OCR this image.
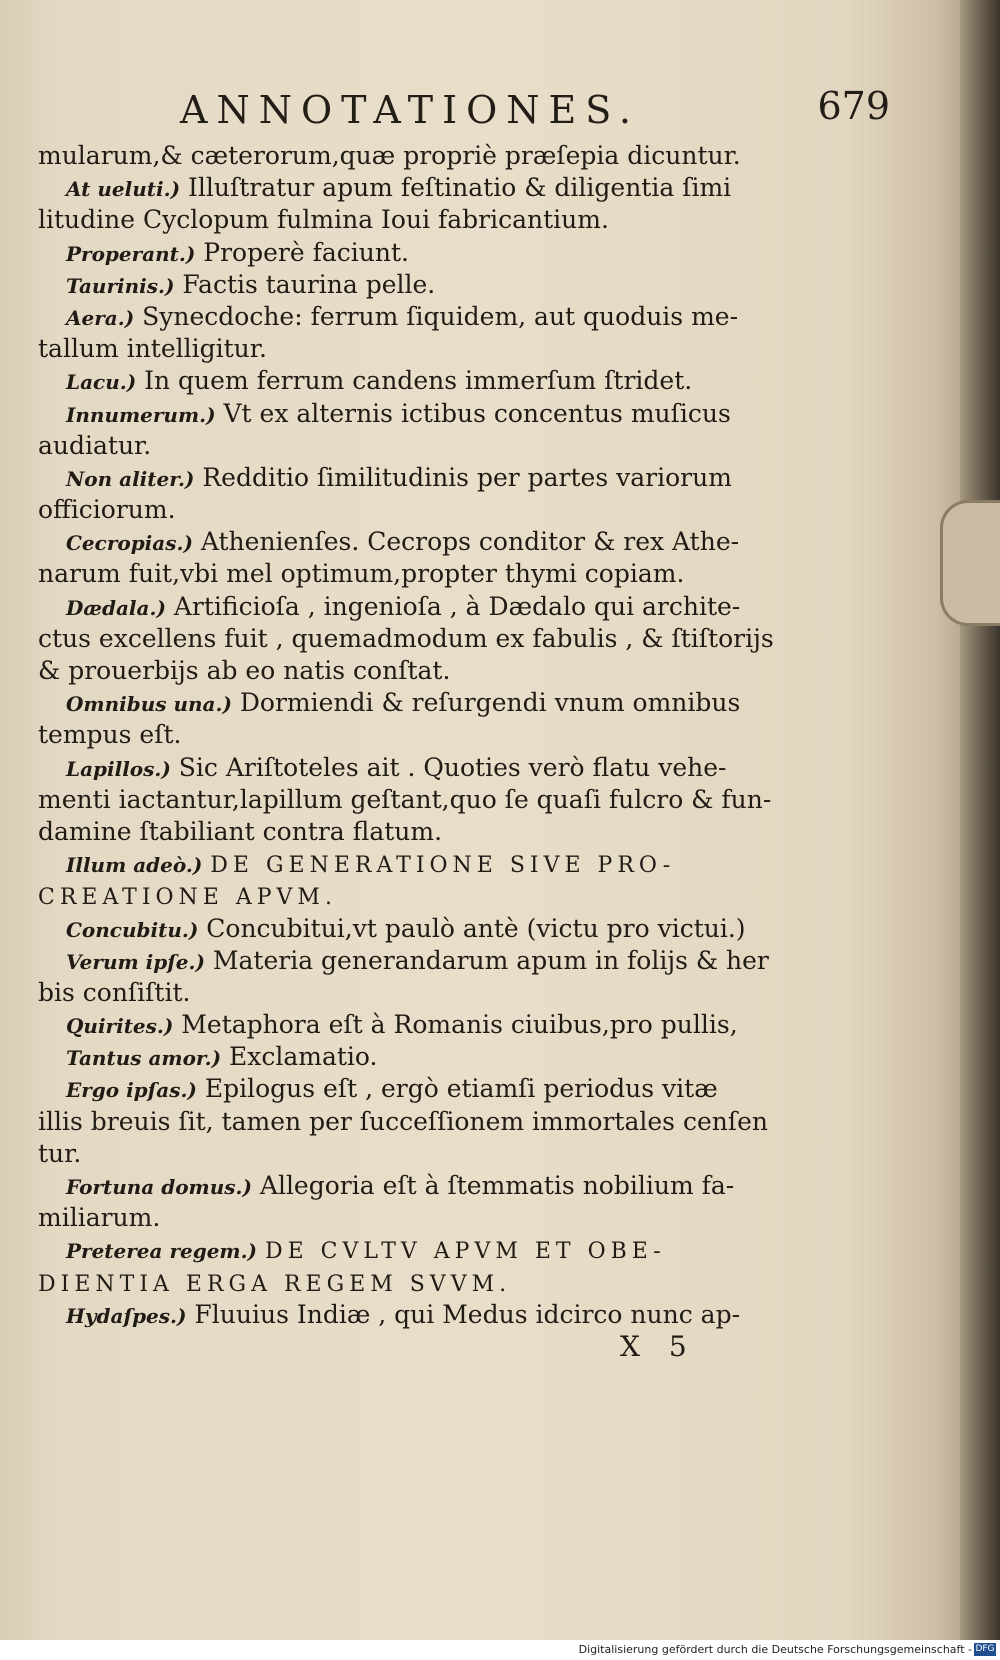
ANNOTATIONES.	679
mularum,& cæterorum,quæ propriè præſepia dicuntur.
At ueluti.) Illuſtratur apum feſtinatio & diligentia ſimi
litudine Cyclopum fulmina Ioui fabricantium.
Properant.) Properè faciunt.
Taurinis.) Factis taurina pelle.
Aera.) Synecdoche: ferrum ſiquidem, aut quoduis me-
tallum intelligitur.
Lacu.) In quem ferrum candens immerſum ſtridet.
Innumerum.) Vt ex alternis ictibus concentus muſicus
audiatur.
Non aliter.) Redditio ſimilitudinis per partes variorum
officiorum.
Cecropias.) Athenienſes. Cecrops conditor & rex Athe-
narum fuit,vbi mel optimum,propter thymi copiam.
Dædala.) Artificioſa , ingenioſa , à Dædalo qui archite-
ctus excellens fuit , quemadmodum ex fabulis , & ſtiſtorijs
& prouerbijs ab eo natis conſtat.
Omnibus una.) Dormiendi & reſurgendi vnum omnibus
tempus eſt.
Lapillos.) Sic Ariſtoteles ait . Quoties verò flatu vehe-
menti iactantur,lapillum geſtant,quo ſe quaſi fulcro & fun-
damine ſtabiliant contra flatum.
Illum adeò.) DE GENERATIONE SIVE PRO-
CREATIONE APVM.
Concubitu.) Concubitui,vt paulò antè (victu pro victui.)
Verum ipſe.) Materia generandarum apum in folijs & her
bis conſiſtit.
Quirites.) Metaphora eſt à Romanis ciuibus,pro pullis,
Tantus amor.) Exclamatio.
Ergo ipſas.) Epilogus eſt , ergò etiamſi periodus vitæ
illis breuis ſit, tamen per ſucceſſionem immortales cenſen
tur.
Fortuna domus.) Allegoria eſt à ſtemmatis nobilium fa-
miliarum.
Preterea regem.) DE CVLTV APVM ET OBE-
DIENTIA ERGA REGEM SVVM.
Hydaſpes.) Fluuius Indiæ , qui Medus idcirco nunc ap-
X 5
Digitalisierung gefördert durch die Deutsche Forschungsgemeinschaft - DFG
